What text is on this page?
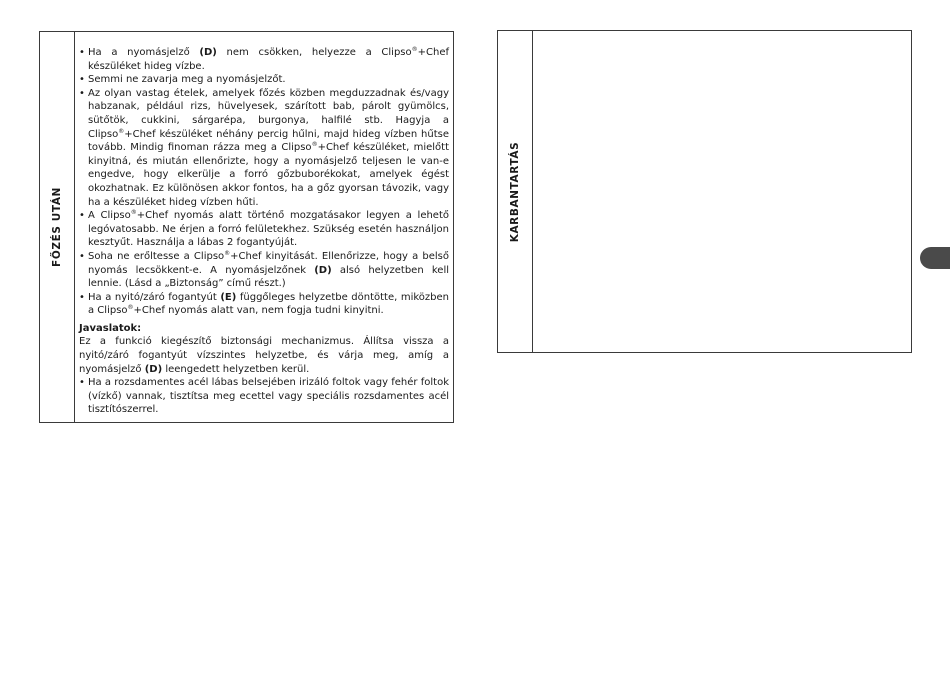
FŐZÉS UTÁN
• Ha a nyomásjelző (D) nem csökken, helyezze a Clipso®+Chef készüléket hideg vízbe.
• Semmi ne zavarja meg a nyomásjelzőt.
• Az olyan vastag ételek, amelyek főzés közben megduzzadnak és/vagy habzanak, például rizs, hüvelyesek, szárított bab, párolt gyümölcs, sütőtök, cukkini, sárgarépa, burgonya, halfilé stb. Hagyja a Clipso®+Chef készüléket néhány percig hűlni, majd hideg vízben hűtse tovább. Mindig finoman rázza meg a Clipso®+Chef készüléket, mielőtt kinyitná, és miután ellenőrizte, hogy a nyomásjelző teljesen le van-e engedve, hogy elkerülje a forró gőzbuborékokat, amelyek égést okozhatnak. Ez különösen akkor fontos, ha a gőz gyorsan távozik, vagy ha a készüléket hideg vízben hűti.
• A Clipso®+Chef nyomás alatt történő mozgatásakor legyen a lehető legóvatosabb. Ne érjen a forró felületekhez. Szükség esetén használjon kesztyűt. Használja a lábas 2 fogantyúját.
• Soha ne erőltesse a Clipso®+Chef kinyitását. Ellenőrizze, hogy a belső nyomás lecsökkent-e. A nyomásjelzőnek (D) alsó helyzetben kell lennie. (Lásd a „Biztonság” című részt.)
• Ha a nyitó/záró fogantyút (E) függőleges helyzetbe döntötte, miközben a Clipso®+Chef nyomás alatt van, nem fogja tudni kinyitni.
Javaslatok:
Ez a funkció kiegészítő biztonsági mechanizmus. Állítsa vissza a nyitó/záró fogantyút vízszintes helyzetbe, és várja meg, amíg a nyomásjelző (D) leengedett helyzetben kerül.
• Ha a rozsdamentes acél lábas belsejében irizáló foltok vagy fehér foltok (vízkő) vannak, tisztítsa meg ecettel vagy speciális rozsdamentes acél tisztítószerrel.
KARBANTARTÁS
